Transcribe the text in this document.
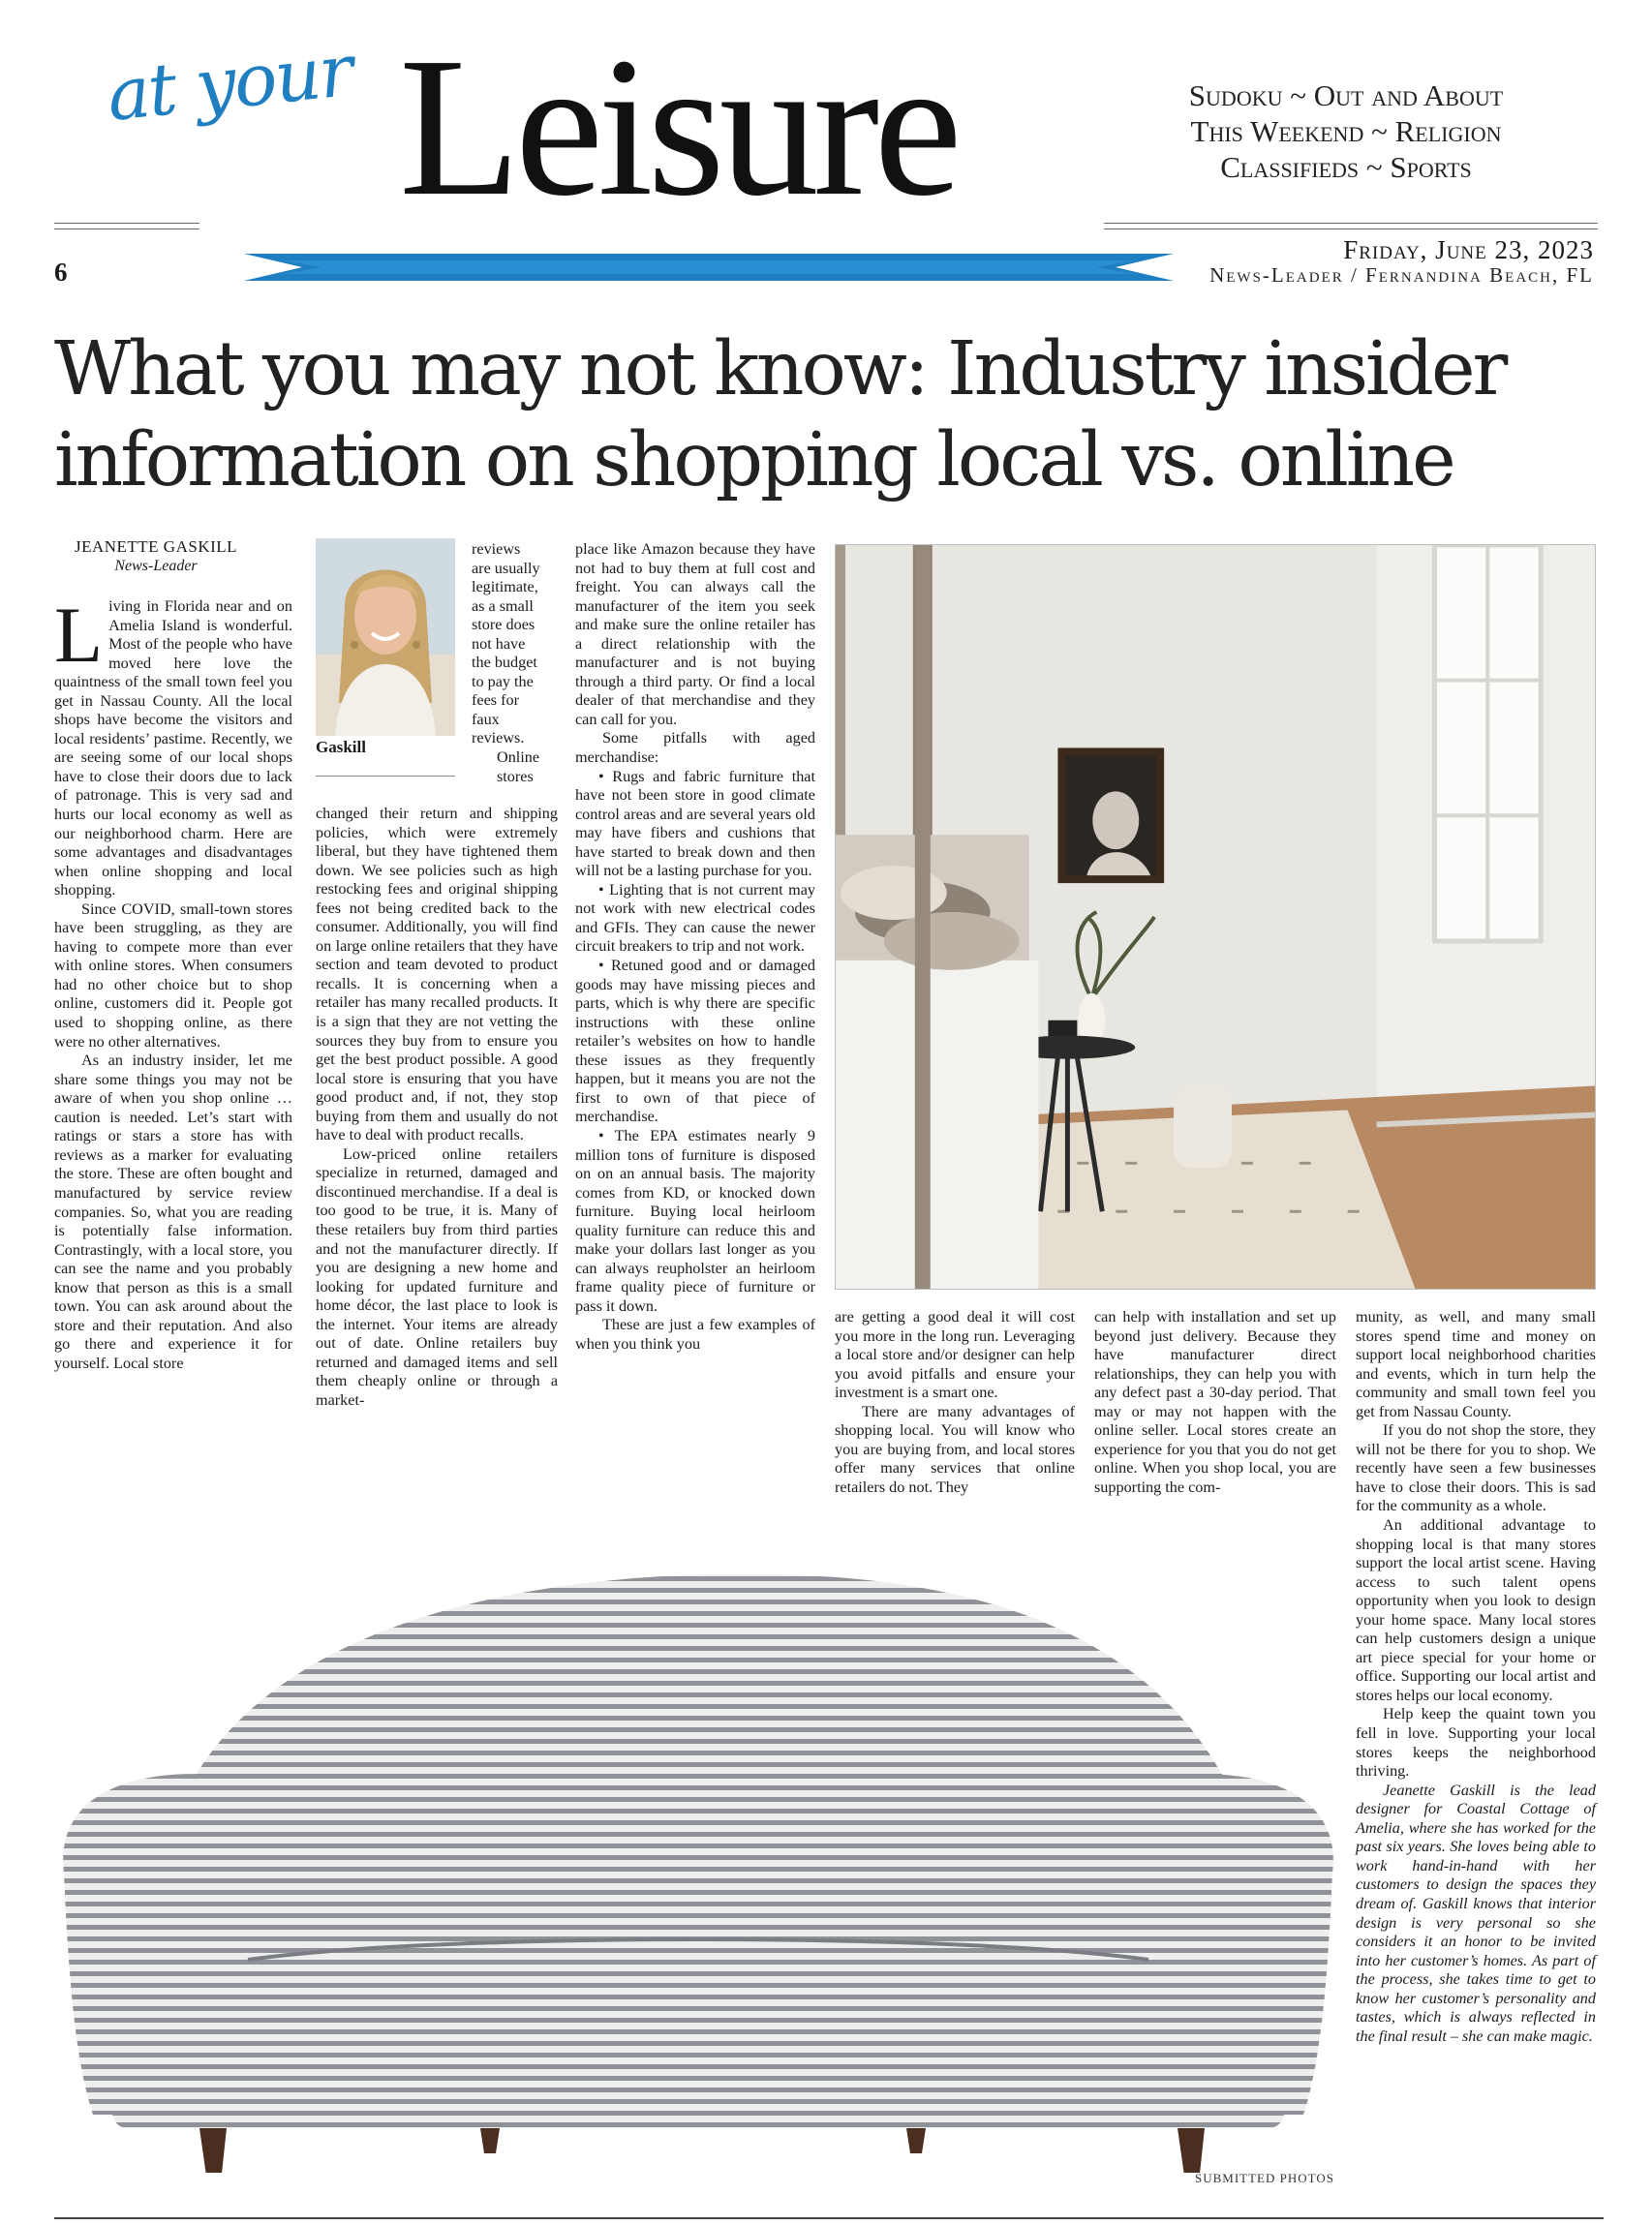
at your Leisure	Sudoku ~ Out and About
This Weekend ~ Religion
Classifieds ~ Sports
6
Friday, June 23, 2023
News-Leader / Fernandina Beach, FL
What you may not know: Industry insider
information on shopping local vs. online
JEANETTE GASKILL
News-Leader
Gaskill

Living in Florida near and on Amelia Island is wonderful. Most of the people who have moved here love the quaintness of the small town feel you get in Nassau County. All the local shops have become the visitors and local residents’ pastime. Recently, we are seeing some of our local shops have to close their doors due to lack of patronage. This is very sad and hurts our local economy as well as our neighborhood charm. Here are some advantages and disadvantages when online shopping and local shopping.

Since COVID, small-town stores have been struggling, as they are having to compete more than ever with online stores. When consumers had no other choice but to shop online, customers did it. People got used to shopping online, as there were no other alternatives.

As an industry insider, let me share some things you may not be aware of when you shop online … caution is needed. Let’s start with ratings or stars a store has with reviews as a marker for evaluating the store. These are often bought and manufactured by service review companies. So, what you are reading is potentially false information. Contrastingly, with a local store, you can see the name and you probably know that person as this is a small town. You can ask around about the store and their reputation. And also go there and experience it for yourself. Local store

reviews are usually legitimate, as a small store does not have the budget to pay the fees for faux reviews.

Online

stores

changed their return and shipping policies, which were extremely liberal, but they have tightened them down. We see policies such as high restocking fees and original shipping fees not being credited back to the consumer. Additionally, you will find on large online retailers that they have section and team devoted to product recalls. It is concerning when a retailer has many recalled products. It is a sign that they are not vetting the sources they buy from to ensure you get the best product possible. A good local store is ensuring that you have good product and, if not, they stop buying from them and usually do not have to deal with product recalls.

Low-priced online retailers specialize in returned, damaged and discontinued merchandise. If a deal is too good to be true, it is. Many of these retailers buy from third parties and not the manufacturer directly. If you are designing a new home and looking for updated furniture and home décor, the last place to look is the internet. Your items are already out of date. Online retailers buy returned and damaged items and sell them cheaply online or through a market-

place like Amazon because they have not had to buy them at full cost and freight. You can always call the manufacturer of the item you seek and make sure the online retailer has a direct relationship with the manufacturer and is not buying through a third party. Or find a local dealer of that merchandise and they can call for you.

Some pitfalls with aged merchandise:

• Rugs and fabric furniture that have not been store in good climate control areas and are several years old may have fibers and cushions that have started to break down and then will not be a lasting purchase for you.

• Lighting that is not current may not work with new electrical codes and GFIs. They can cause the newer circuit breakers to trip and not work.

• Retuned good and or damaged goods may have missing pieces and parts, which is why there are specific instructions with these online retailer’s websites on how to handle these issues as they frequently happen, but it means you are not the first to own of that piece of merchandise.

• The EPA estimates nearly 9 million tons of furniture is disposed on on an annual basis. The majority comes from KD, or knocked down furniture. Buying local heirloom quality furniture can reduce this and make your dollars last longer as you can always reupholster an heirloom frame quality piece of furniture or pass it down.

These are just a few examples of when you think you

are getting a good deal it will cost you more in the long run. Leveraging a local store and/or designer can help you avoid pitfalls and ensure your investment is a smart one.

There are many advantages of shopping local. You will know who you are buying from, and local stores offer many services that online retailers do not. They

can help with installation and set up beyond just delivery. Because they have manufacturer direct relationships, they can help you with any defect past a 30-day period. That may or may not happen with the online seller. Local stores create an experience for you that you do not get online. When you shop local, you are supporting the com-

munity, as well, and many small stores spend time and money on support local neighborhood charities and events, which in turn help the community and small town feel you get from Nassau County.

If you do not shop the store, they will not be there for you to shop. We recently have seen a few businesses have to close their doors. This is sad for the community as a whole.

An additional advantage to shopping local is that many stores support the local artist scene. Having access to such talent opens opportunity when you look to design your home space. Many local stores can help customers design a unique art piece special for your home or office. Supporting our local artist and stores helps our local economy.

Help keep the quaint town you fell in love. Supporting your local stores keeps the neighborhood thriving.

Jeanette Gaskill is the lead designer for Coastal Cottage of Amelia, where she has worked for the past six years. She loves being able to work hand-in-hand with her customers to design the spaces they dream of. Gaskill knows that interior design is very personal so she considers it an honor to be invited into her customer’s homes. As part of the process, she takes time to get to know her customer’s personality and tastes, which is always reflected in the final result – she can make magic.

SUBMITTED PHOTOS
